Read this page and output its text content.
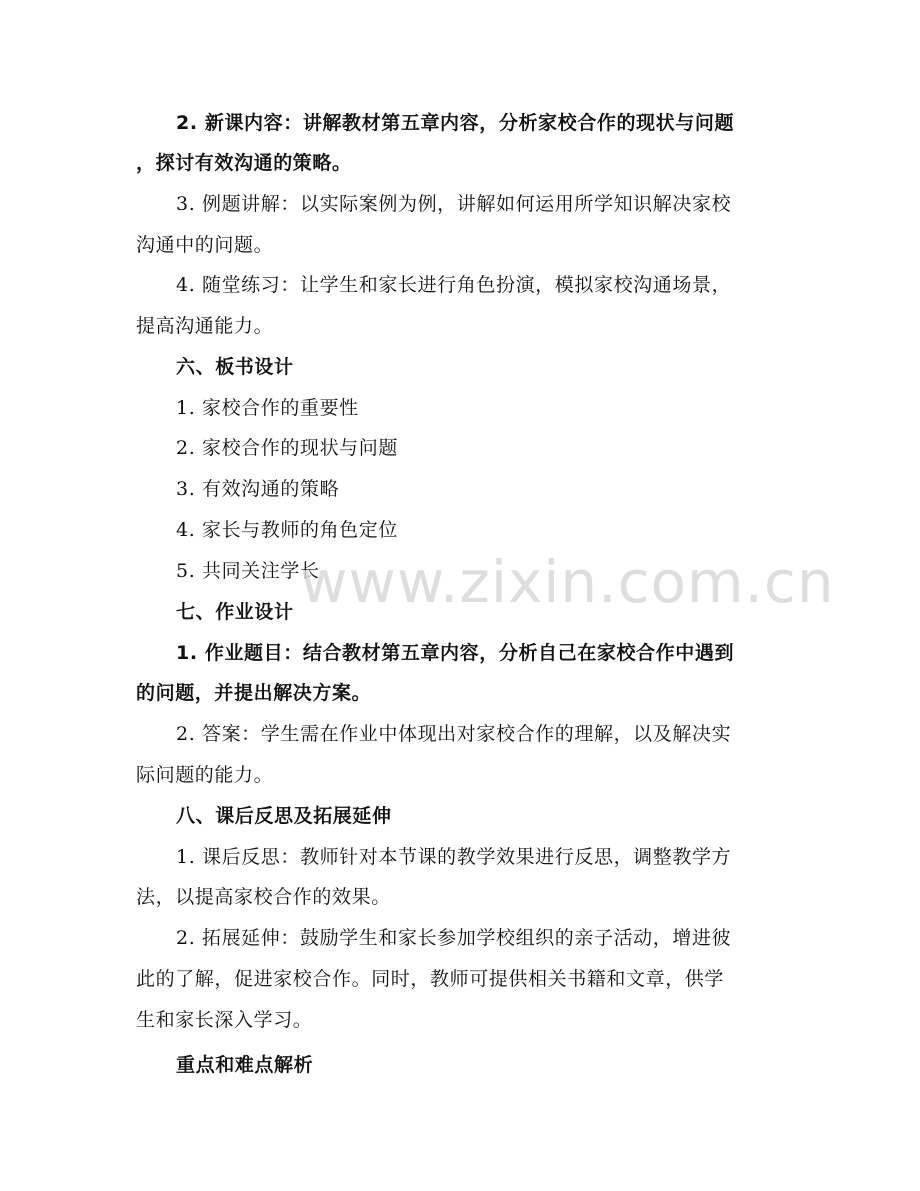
2. 新课内容：讲解教材第五章内容，分析家校合作的现状与问题
，探讨有效沟通的策略。
3. 例题讲解：以实际案例为例，讲解如何运用所学知识解决家校
沟通中的问题。
4. 随堂练习：让学生和家长进行角色扮演，模拟家校沟通场景，
提高沟通能力。
六、板书设计
1. 家校合作的重要性
2. 家校合作的现状与问题
3. 有效沟通的策略
4. 家长与教师的角色定位
5. 共同关注学长
七、作业设计
1. 作业题目：结合教材第五章内容，分析自己在家校合作中遇到
的问题，并提出解决方案。
2. 答案：学生需在作业中体现出对家校合作的理解，以及解决实
际问题的能力。
八、课后反思及拓展延伸
1. 课后反思：教师针对本节课的教学效果进行反思，调整教学方
法，以提高家校合作的效果。
2. 拓展延伸：鼓励学生和家长参加学校组织的亲子活动，增进彼
此的了解，促进家校合作。同时，教师可提供相关书籍和文章，供学
生和家长深入学习。
重点和难点解析
www.zixin.com.cn
